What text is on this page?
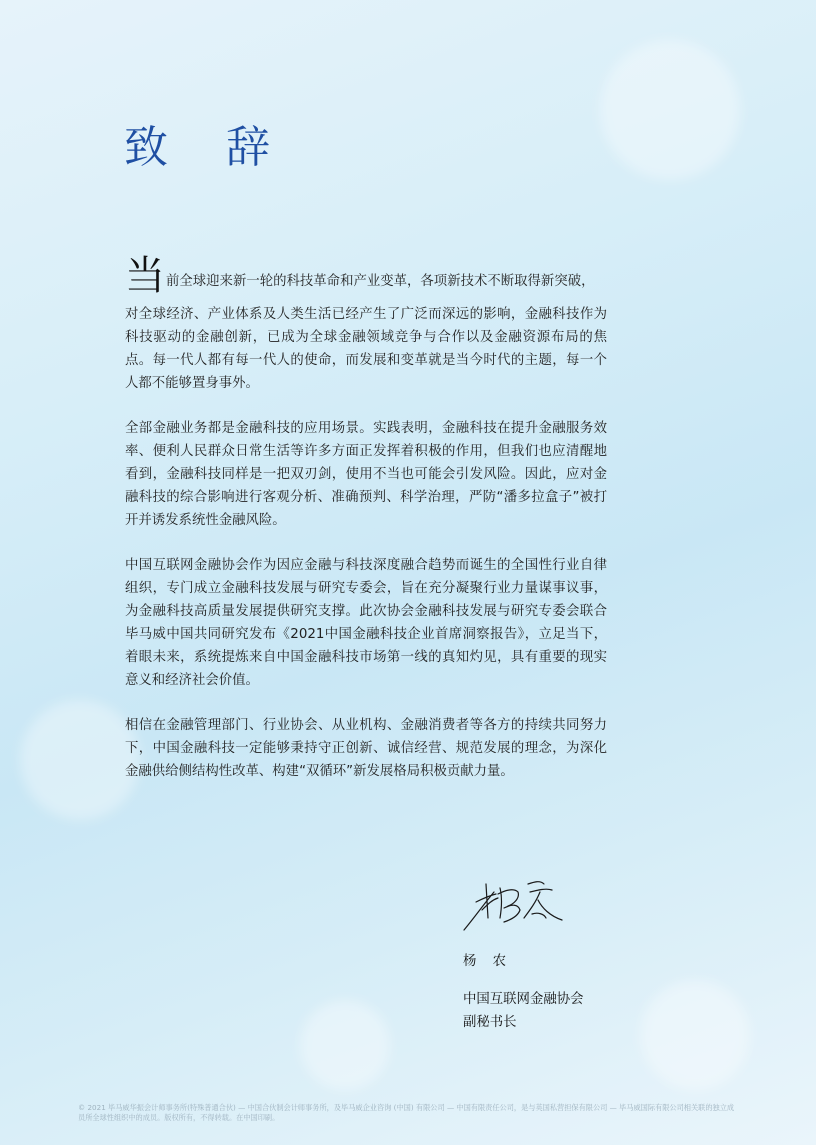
致 辞

当前全球迎来新一轮的科技革命和产业变革，各项新技术不断取得新突破，
对全球经济、产业体系及人类生活已经产生了广泛而深远的影响，金融科技作为科技驱动的金融创新，已成为全球金融领域竞争与合作以及金融资源布局的焦点。每一代人都有每一代人的使命，而发展和变革就是当今时代的主题，每一个人都不能够置身事外。

全部金融业务都是金融科技的应用场景。实践表明，金融科技在提升金融服务效率、便利人民群众日常生活等许多方面正发挥着积极的作用，但我们也应清醒地看到，金融科技同样是一把双刃剑，使用不当也可能会引发风险。因此，应对金融科技的综合影响进行客观分析、准确预判、科学治理，严防“潘多拉盒子”被打开并诱发系统性金融风险。

中国互联网金融协会作为因应金融与科技深度融合趋势而诞生的全国性行业自律组织，专门成立金融科技发展与研究专委会，旨在充分凝聚行业力量谋事议事，为金融科技高质量发展提供研究支撑。此次协会金融科技发展与研究专委会联合毕马威中国共同研究发布《2021中国金融科技企业首席洞察报告》，立足当下，着眼未来，系统提炼来自中国金融科技市场第一线的真知灼见，具有重要的现实意义和经济社会价值。

相信在金融管理部门、行业协会、从业机构、金融消费者等各方的持续共同努力下，中国金融科技一定能够秉持守正创新、诚信经营、规范发展的理念，为深化金融供给侧结构性改革、构建“双循环”新发展格局积极贡献力量。

杨 农

中国互联网金融协会

副秘书长

© 2021 毕马威华振会计师事务所(特殊普通合伙) — 中国合伙制会计师事务所，及毕马威企业咨询 (中国) 有限公司 — 中国有限责任公司，是与英国私营担保有限公司 — 毕马威国际有限公司相关联的独立成员所全球性组织中的成员。版权所有，不得转载。在中国印刷。
